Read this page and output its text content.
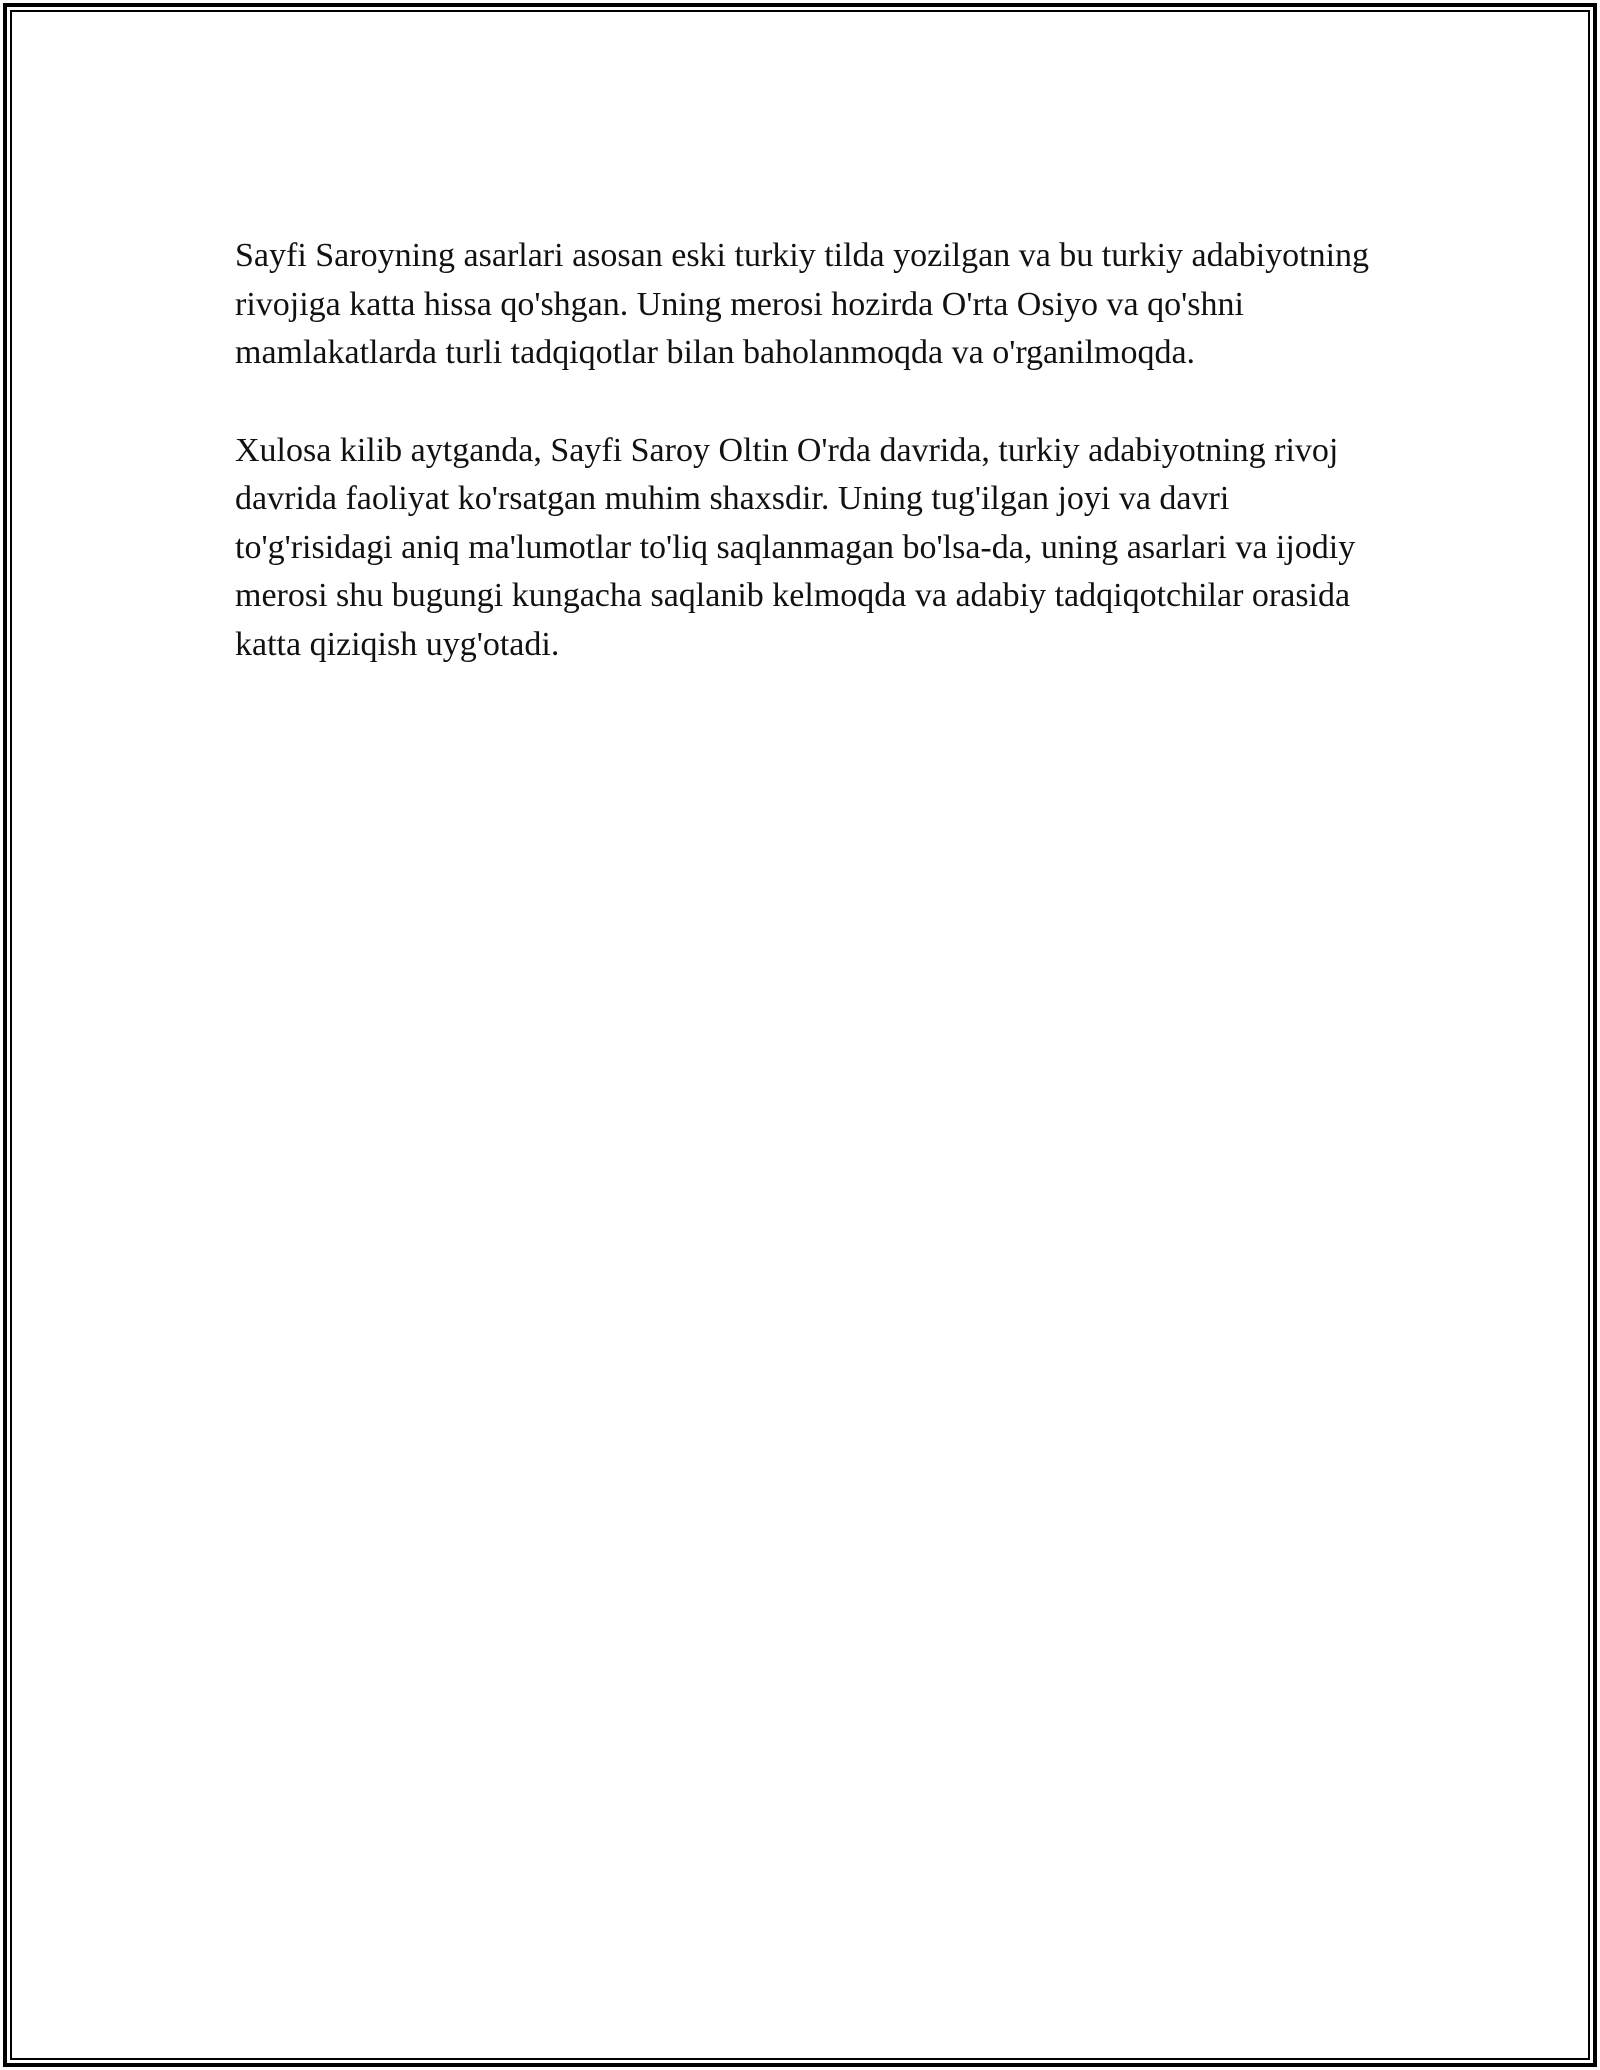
Sayfi Saroyning asarlari asosan eski turkiy tilda yozilgan va bu turkiy adabiyotning rivojiga katta hissa qo'shgan. Uning merosi hozirda O'rta Osiyo va qo'shni mamlakatlarda turli tadqiqotlar bilan baholanmoqda va o'rganilmoqda.

Xulosa kilib aytganda, Sayfi Saroy Oltin O'rda davrida, turkiy adabiyotning rivoj davrida faoliyat ko'rsatgan muhim shaxsdir. Uning tug'ilgan joyi va davri to'g'risidagi aniq ma'lumotlar to'liq saqlanmagan bo'lsa-da, uning asarlari va ijodiy merosi shu bugungi kungacha saqlanib kelmoqda va adabiy tadqiqotchilar orasida katta qiziqish uyg'otadi.
